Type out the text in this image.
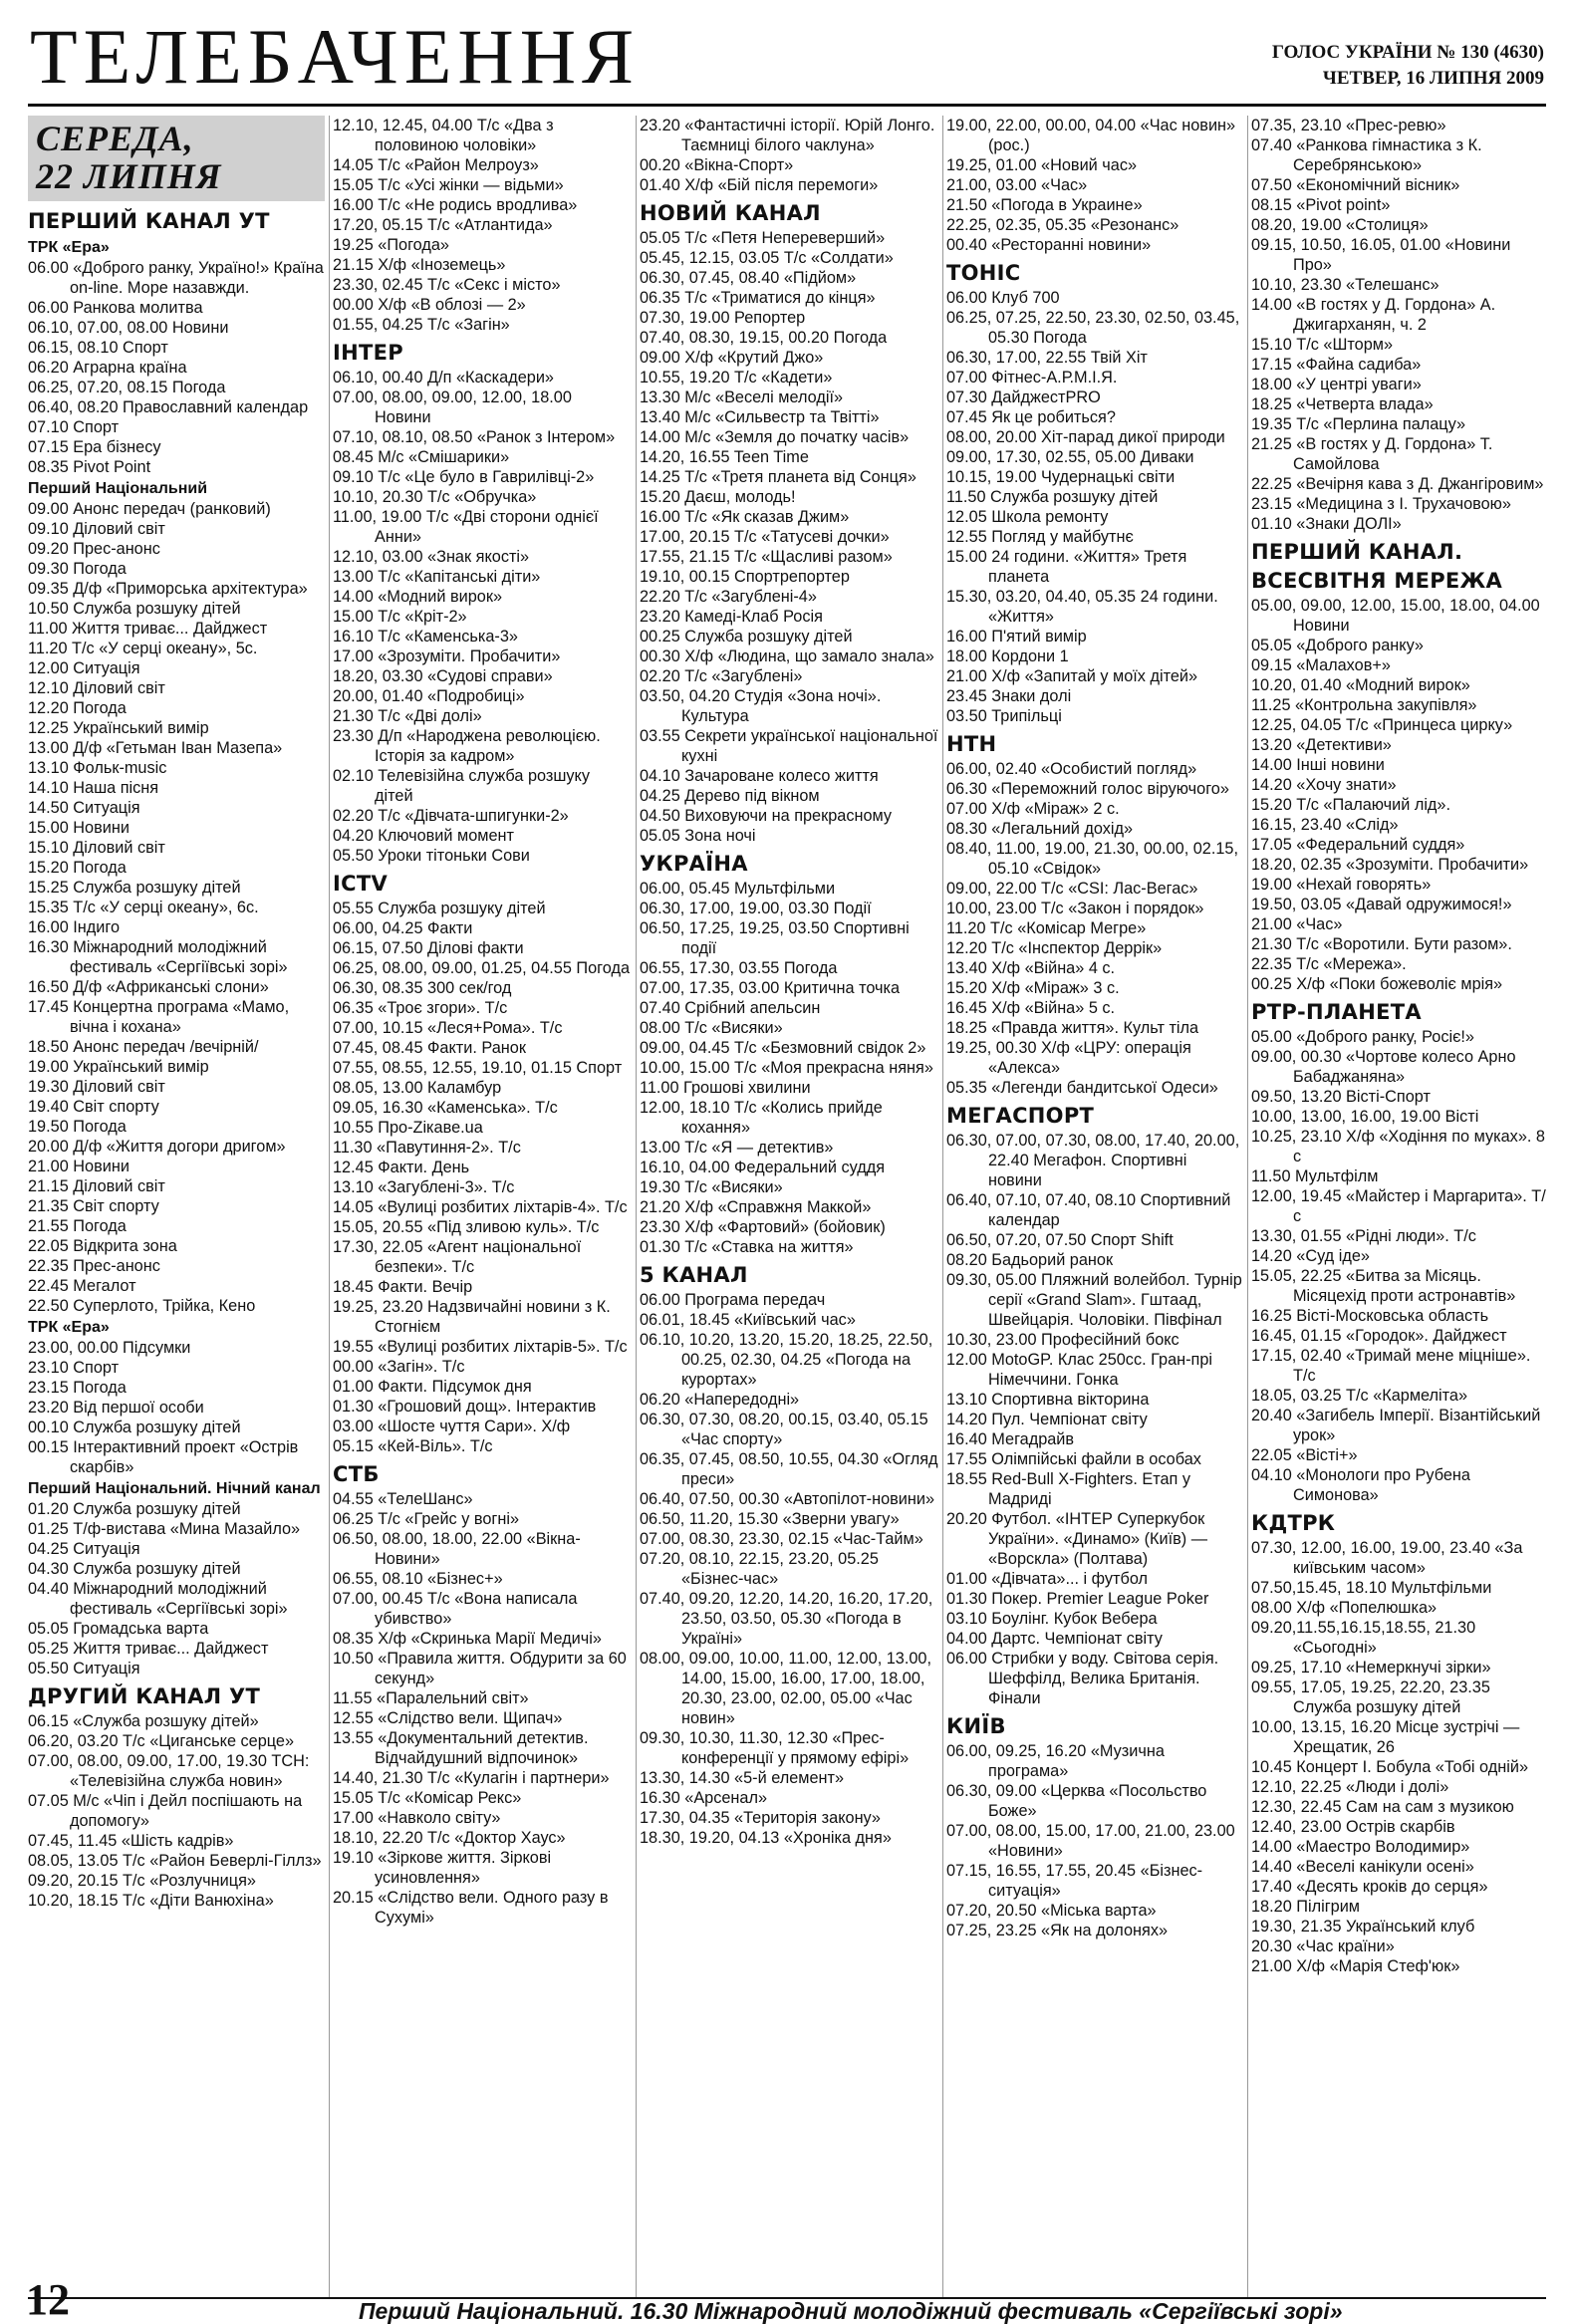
ТЕЛЕБАЧЕННЯ	ГОЛОС УКРАЇНИ № 130 (4630)
ЧЕТВЕР, 16 ЛИПНЯ 2009
СЕРЕДА,
22 ЛИПНЯ
ПЕРШИЙ КАНАЛ УТ
ТРК «Ера»
06.00 «Доброго ранку, Україно!» Країна on-line. Море назавжди.
06.00 Ранкова молитва
06.10, 07.00, 08.00 Новини
06.15, 08.10 Спорт
06.20 Аграрна країна
06.25, 07.20, 08.15 Погода
06.40, 08.20 Православний календар
07.10 Спорт
07.15 Ера бізнесу
08.35 Pivot Point
Перший Національний
09.00 Анонс передач (ранковий)
09.10 Діловий світ
09.20 Прес-анонс
09.30 Погода
09.35 Д/ф «Приморська архітектура»
10.50 Служба розшуку дітей
11.00 Життя триває... Дайджест
11.20 Т/с «У серці океану», 5с.
12.00 Ситуація
12.10 Діловий світ
12.20 Погода
12.25 Український вимір
13.00 Д/ф «Гетьман Іван Мазепа»
13.10 Фольк-music
14.10 Наша пісня
14.50 Ситуація
15.00 Новини
15.10 Діловий світ
15.20 Погода
15.25 Служба розшуку дітей
15.35 Т/с «У серці океану», 6с.
16.00 Індиго
16.30 Міжнародний молодіжний фестиваль «Сергіївські зорі»
16.50 Д/ф «Африканські слони»
17.45 Концертна програма «Мамо, вічна і кохана»
18.50 Анонс передач /вечірній/
19.00 Український вимір
19.30 Діловий світ
19.40 Світ спорту
19.50 Погода
20.00 Д/ф «Життя догори дригом»
21.00 Новини
21.15 Діловий світ
21.35 Світ спорту
21.55 Погода
22.05 Відкрита зона
22.35 Прес-анонс
22.45 Мегалот
22.50 Суперлото, Трійка, Кено
ТРК «Ера»
23.00, 00.00 Підсумки
23.10 Спорт
23.15 Погода
23.20 Від першої особи
00.10 Служба розшуку дітей
00.15 Інтерактивний проект «Острів скарбів»
Перший Національний. Нічний канал
01.20 Служба розшуку дітей
01.25 Т/ф-вистава «Мина Мазайло»
04.25 Ситуація
04.30 Служба розшуку дітей
04.40 Міжнародний молодіжний фестиваль «Сергіївські зорі»
05.05 Громадська варта
05.25 Життя триває... Дайджест
05.50 Ситуація
ДРУГИЙ КАНАЛ УТ
06.15 «Служба розшуку дітей»
06.20, 03.20 Т/с «Циганське серце»
07.00, 08.00, 09.00, 17.00, 19.30 ТСН: «Телевізійна служба новин»
07.05 М/с «Чіп і Дейл поспішають на допомогу»
07.45, 11.45 «Шість кадрів»
08.05, 13.05 Т/с «Район Беверлі-Гіллз»
09.20, 20.15 Т/с «Розлучниця»
10.20, 18.15 Т/с «Діти Ванюхіна»
12.10, 12.45, 04.00 Т/с «Два з половиною чоловіки»
14.05 Т/с «Район Мелроуз»
15.05 Т/с «Усі жінки — відьми»
16.00 Т/с «Не родись вродлива»
17.20, 05.15 Т/с «Атлантида»
19.25 «Погода»
21.15 Х/ф «Іноземець»
23.30, 02.45 Т/с «Секс і місто»
00.00 Х/ф «В облозі — 2»
01.55, 04.25 Т/с «Загін»
ІНТЕР
06.10, 00.40 Д/п «Каскадери»
07.00, 08.00, 09.00, 12.00, 18.00 Новини
07.10, 08.10, 08.50 «Ранок з Інтером»
08.45 М/с «Смішарики»
09.10 Т/с «Це було в Гаврилівці-2»
10.10, 20.30 Т/с «Обручка»
11.00, 19.00 Т/с «Дві сторони однієї Анни»
12.10, 03.00 «Знак якості»
13.00 Т/с «Капітанські діти»
14.00 «Модний вирок»
15.00 Т/с «Кріт-2»
16.10 Т/с «Каменська-3»
17.00 «Зрозуміти. Пробачити»
18.20, 03.30 «Судові справи»
20.00, 01.40 «Подробиці»
21.30 Т/с «Дві долі»
23.30 Д/п «Народжена революцією. Історія за кадром»
02.10 Телевізійна служба розшуку дітей
02.20 Т/с «Дівчата-шпигунки-2»
04.20 Ключовий момент
05.50 Уроки тітоньки Сови
ICTV
05.55 Служба розшуку дітей
06.00, 04.25 Факти
06.15, 07.50 Ділові факти
06.25, 08.00, 09.00, 01.25, 04.55 Погода
06.30, 08.35 300 сек/год
06.35 «Троє згори». Т/с
07.00, 10.15 «Леся+Рома». Т/с
07.45, 08.45 Факти. Ранок
07.55, 08.55, 12.55, 19.10, 01.15 Спорт
08.05, 13.00 Каламбур
09.05, 16.30 «Каменська». Т/с
10.55 Про-Zікаве.ua
11.30 «Павутиння-2». Т/с
12.45 Факти. День
13.10 «Загублені-3». Т/с
14.05 «Вулиці розбитих ліхтарів-4». Т/с
15.05, 20.55 «Під зливою куль». Т/с
17.30, 22.05 «Агент національної безпеки». Т/с
18.45 Факти. Вечір
19.25, 23.20 Надзвичайні новини з К. Стогнієм
19.55 «Вулиці розбитих ліхтарів-5». Т/с
00.00 «Загін». Т/с
01.00 Факти. Підсумок дня
01.30 «Грошовий дощ». Інтерактив
03.00 «Шосте чуття Сари». Х/ф
05.15 «Кей-Віль». Т/с
СТБ
04.55 «ТелеШанс»
06.25 Т/с «Грейс у вогні»
06.50, 08.00, 18.00, 22.00 «Вікна-Новини»
06.55, 08.10 «Бізнес+»
07.00, 00.45 Т/с «Вона написала убивство»
08.35 Х/ф «Скринька Марії Медичі»
10.50 «Правила життя. Обдурити за 60 секунд»
11.55 «Паралельний світ»
12.55 «Слідство вели. Щипач»
13.55 «Документальний детектив. Відчайдушний відпочинок»
14.40, 21.30 Т/с «Кулагін і партнери»
15.05 Т/с «Комісар Рекс»
17.00 «Навколо світу»
18.10, 22.20 Т/с «Доктор Хаус»
19.10 «Зіркове життя. Зіркові усиновлення»
20.15 «Слідство вели. Одного разу в Сухумі»
23.20 «Фантастичні історії. Юрій Лонго. Таємниці білого чаклуна»
00.20 «Вікна-Спорт»
01.40 Х/ф «Бій після перемоги»
НОВИЙ КАНАЛ
05.05 Т/с «Петя Непереверший»
05.45, 12.15, 03.05 Т/с «Солдати»
06.30, 07.45, 08.40 «Підйом»
06.35 Т/с «Триматися до кінця»
07.30, 19.00 Репортер
07.40, 08.30, 19.15, 00.20 Погода
09.00 Х/ф «Крутий Джо»
10.55, 19.20 Т/с «Кадети»
13.30 М/с «Веселі мелодії»
13.40 М/с «Сильвестр та Твітті»
14.00 М/с «Земля до початку часів»
14.20, 16.55 Teen Time
14.25 Т/с «Третя планета від Сонця»
15.20 Даєш, молодь!
16.00 Т/с «Як сказав Джим»
17.00, 20.15 Т/с «Татусеві дочки»
17.55, 21.15 Т/с «Щасливі разом»
19.10, 00.15 Спортрепортер
22.20 Т/с «Загублені-4»
23.20 Камеді-Клаб Росія
00.25 Служба розшуку дітей
00.30 Х/ф «Людина, що замало знала»
02.20 Т/с «Загублені»
03.50, 04.20 Студія «Зона ночі». Культура
03.55 Секрети української національної кухні
04.10 Зачароване колесо життя
04.25 Дерево під вікном
04.50 Виховуючи на прекрасному
05.05 Зона ночі
УКРАЇНА
06.00, 05.45 Мультфільми
06.30, 17.00, 19.00, 03.30 Події
06.50, 17.25, 19.25, 03.50 Спортивні події
06.55, 17.30, 03.55 Погода
07.00, 17.35, 03.00 Критична точка
07.40 Срібний апельсин
08.00 Т/с «Висяки»
09.00, 04.45 Т/с «Безмовний свідок 2»
10.00, 15.00 Т/с «Моя прекрасна няня»
11.00 Грошові хвилини
12.00, 18.10 Т/с «Колись прийде кохання»
13.00 Т/с «Я — детектив»
16.10, 04.00 Федеральний суддя
19.30 Т/с «Висяки»
21.20 Х/ф «Справжня Маккой»
23.30 Х/ф «Фартовий» (бойовик)
01.30 Т/с «Ставка на життя»
5 КАНАЛ
06.00 Програма передач
06.01, 18.45 «Київський час»
06.10, 10.20, 13.20, 15.20, 18.25, 22.50, 00.25, 02.30, 04.25 «Погода на курортах»
06.20 «Напередодні»
06.30, 07.30, 08.20, 00.15, 03.40, 05.15 «Час спорту»
06.35, 07.45, 08.50, 10.55, 04.30 «Огляд преси»
06.40, 07.50, 00.30 «Автопілот-новини»
06.50, 11.20, 15.30 «Зверни увагу»
07.00, 08.30, 23.30, 02.15 «Час-Тайм»
07.20, 08.10, 22.15, 23.20, 05.25 «Бізнес-час»
07.40, 09.20, 12.20, 14.20, 16.20, 17.20, 23.50, 03.50, 05.30 «Погода в Україні»
08.00, 09.00, 10.00, 11.00, 12.00, 13.00, 14.00, 15.00, 16.00, 17.00, 18.00, 20.30, 23.00, 02.00, 05.00 «Час новин»
09.30, 10.30, 11.30, 12.30 «Прес-конференції у прямому ефірі»
13.30, 14.30 «5-й елемент»
16.30 «Арсенал»
17.30, 04.35 «Територія закону»
18.30, 19.20, 04.13 «Хроніка дня»
19.00, 22.00, 00.00, 04.00 «Час новин» (рос.)
19.25, 01.00 «Новий час»
21.00, 03.00 «Час»
21.50 «Погода в Украине»
22.25, 02.35, 05.35 «Резонанс»
00.40 «Ресторанні новини»
ТОНІС
06.00 Клуб 700
06.25, 07.25, 22.50, 23.30, 02.50, 03.45, 05.30 Погода
06.30, 17.00, 22.55 Твій Хіт
07.00 Фітнес-А.Р.М.І.Я.
07.30 ДайджестPRO
07.45 Як це робиться?
08.00, 20.00 Хіт-парад дикої природи
09.00, 17.30, 02.55, 05.00 Диваки
10.15, 19.00 Чудернацькі світи
11.50 Служба розшуку дітей
12.05 Школа ремонту
12.55 Погляд у майбутнє
15.00 24 години. «Життя» Третя планета
15.30, 03.20, 04.40, 05.35 24 години. «Життя»
16.00 П'ятий вимір
18.00 Кордони 1
21.00 Х/ф «Запитай у моїх дітей»
23.45 Знаки долі
03.50 Трипільці
НТН
06.00, 02.40 «Особистий погляд»
06.30 «Переможний голос віруючого»
07.00 Х/ф «Міраж» 2 с.
08.30 «Легальний дохід»
08.40, 11.00, 19.00, 21.30, 00.00, 02.15, 05.10 «Свідок»
09.00, 22.00 Т/с «CSI: Лас-Вегас»
10.00, 23.00 Т/с «Закон і порядок»
11.20 Т/с «Комісар Мегре»
12.20 Т/с «Інспектор Деррік»
13.40 Х/ф «Війна» 4 с.
15.20 Х/ф «Міраж» 3 с.
16.45 Х/ф «Війна» 5 с.
18.25 «Правда життя». Культ тіла
19.25, 00.30 Х/ф «ЦРУ: операція «Алекса»
05.35 «Легенди бандитської Одеси»
МЕГАСПОРТ
06.30, 07.00, 07.30, 08.00, 17.40, 20.00, 22.40 Мегафон. Спортивні новини
06.40, 07.10, 07.40, 08.10 Спортивний календар
06.50, 07.20, 07.50 Спорт Shift
08.20 Бадьорий ранок
09.30, 05.00 Пляжний волейбол. Турнір серії «Grand Slam». Гштаад, Швейцарія. Чоловіки. Півфінал
10.30, 23.00 Професійний бокс
12.00 MotoGP. Клас 250сс. Гран-прі Німеччини. Гонка
13.10 Спортивна вікторина
14.20 Пул. Чемпіонат світу
16.40 Мегадрайв
17.55 Олімпійські файли в особах
18.55 Red-Bull X-Fighters. Етап у Мадриді
20.20 Футбол. «ІНТЕР Суперкубок України». «Динамо» (Київ) — «Ворскла» (Полтава)
01.00 «Дівчата»... і футбол
01.30 Покер. Premier League Poker
03.10 Боулінг. Кубок Вебера
04.00 Дартс. Чемпіонат світу
06.00 Стрибки у воду. Світова серія. Шеффілд, Велика Британія. Фінали
КИЇВ
06.00, 09.25, 16.20 «Музична програма»
06.30, 09.00 «Церква «Посольство Боже»
07.00, 08.00, 15.00, 17.00, 21.00, 23.00 «Новини»
07.15, 16.55, 17.55, 20.45 «Бізнес-ситуація»
07.20, 20.50 «Міська варта»
07.25, 23.25 «Як на долонях»
07.35, 23.10 «Прес-ревю»
07.40 «Ранкова гімнастика з К. Серебрянською»
07.50 «Економічний вісник»
08.15 «Pivot point»
08.20, 19.00 «Столиця»
09.15, 10.50, 16.05, 01.00 «Новини Про»
10.10, 23.30 «Телешанс»
14.00 «В гостях у Д. Гордона» А. Джигарханян, ч. 2
15.10 Т/с «Шторм»
17.15 «Файна садиба»
18.00 «У центрі уваги»
18.25 «Четверта влада»
19.35 Т/с «Перлина палацу»
21.25 «В гостях у Д. Гордона» Т. Самойлова
22.25 «Вечірня кава з Д. Джангіровим»
23.15 «Медицина з І. Трухачовою»
01.10 «Знаки ДОЛІ»
ПЕРШИЙ КАНАЛ. ВСЕСВІТНЯ МЕРЕЖА
05.00, 09.00, 12.00, 15.00, 18.00, 04.00 Новини
05.05 «Доброго ранку»
09.15 «Малахов+»
10.20, 01.40 «Модний вирок»
11.25 «Контрольна закупівля»
12.25, 04.05 Т/с «Принцеса цирку»
13.20 «Детективи»
14.00 Інші новини
14.20 «Хочу знати»
15.20 Т/с «Палаючий лід».
16.15, 23.40 «Слід»
17.05 «Федеральний суддя»
18.20, 02.35 «Зрозуміти. Пробачити»
19.00 «Нехай говорять»
19.50, 03.05 «Давай одружимося!»
21.00 «Час»
21.30 Т/с «Воротили. Бути разом».
22.35 Т/с «Мережа».
00.25 Х/ф «Поки божеволіє мрія»
РТР-ПЛАНЕТА
05.00 «Доброго ранку, Росіє!»
09.00, 00.30 «Чортове колесо Арно Бабаджаняна»
09.50, 13.20 Вісті-Спорт
10.00, 13.00, 16.00, 19.00 Вісті
10.25, 23.10 Х/ф «Ходіння по муках». 8 с
11.50 Мультфілм
12.00, 19.45 «Майстер і Маргарита». Т/с
13.30, 01.55 «Рідні люди». Т/с
14.20 «Суд іде»
15.05, 22.25 «Битва за Місяць. Місяцехід проти астронавтів»
16.25 Вісті-Московська область
16.45, 01.15 «Городок». Дайджест
17.15, 02.40 «Тримай мене міцніше». Т/с
18.05, 03.25 Т/с «Кармеліта»
20.40 «Загибель Імперії. Візантійський урок»
22.05 «Вісті+»
04.10 «Монологи про Рубена Симонова»
КДТРК
07.30, 12.00, 16.00, 19.00, 23.40 «За київським часом»
07.50,15.45, 18.10 Мультфільми
08.00 Х/ф «Попелюшка»
09.20,11.55,16.15,18.55, 21.30 «Сьогодні»
09.25, 17.10 «Немеркнучі зірки»
09.55, 17.05, 19.25, 22.20, 23.35 Служба розшуку дітей
10.00, 13.15, 16.20 Місце зустрічі — Хрещатик, 26
10.45 Концерт І. Бобула «Тобі одній»
12.10, 22.25 «Люди і долі»
12.30, 22.45 Сам на сам з музикою
12.40, 23.00 Острів скарбів
14.00 «Маестро Володимир»
14.40 «Веселі канікули осені»
17.40 «Десять кроків до серця»
18.20 Пілігрим
19.30, 21.35 Український клуб
20.30 «Час країни»
21.00 Х/ф «Марія Стеф'юк»
12	Перший Національний. 16.30 Міжнародний молодіжний фестиваль «Сергіївські зорі»
